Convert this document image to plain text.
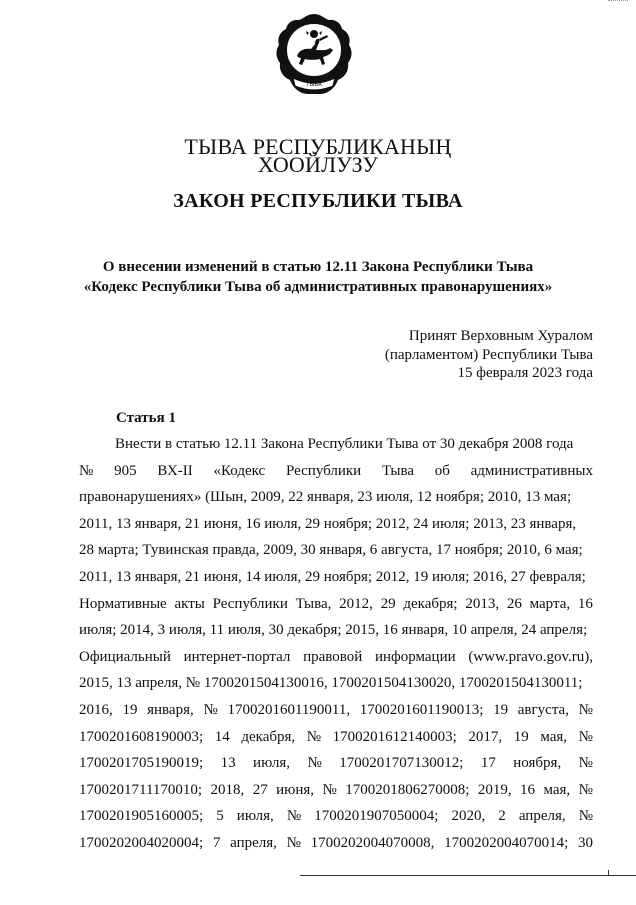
ТЫВА
ТЫВА РЕСПУБЛИКАНЫҢ
ХООЙЛУЗУ
ЗАКОН РЕСПУБЛИКИ ТЫВА
О внесении изменений в статью 12.11 Закона Республики Тыва
«Кодекс Республики Тыва об административных правонарушениях»
Принят Верховным Хуралом
(парламентом) Республики Тыва
15 февраля 2023 года
Статья 1
Внести в статью 12.11 Закона Республики Тыва от 30 декабря 2008 года
№ 905 ВХ-II «Кодекс Республики Тыва об административных
правонарушениях» (Шын, 2009, 22 января, 23 июля, 12 ноября; 2010, 13 мая;
2011, 13 января, 21 июня, 16 июля, 29 ноября; 2012, 24 июля; 2013, 23 января,
28 марта; Тувинская правда, 2009, 30 января, 6 августа, 17 ноября; 2010, 6 мая;
2011, 13 января, 21 июня, 14 июля, 29 ноября; 2012, 19 июля; 2016, 27 февраля;
Нормативные акты Республики Тыва, 2012, 29 декабря; 2013, 26 марта, 16
июля; 2014, 3 июля, 11 июля, 30 декабря; 2015, 16 января, 10 апреля, 24 апреля;
Официальный интернет-портал правовой информации (www.pravo.gov.ru),
2015, 13 апреля, № 1700201504130016, 1700201504130020, 1700201504130011;
2016, 19 января, № 1700201601190011, 1700201601190013; 19 августа, №
1700201608190003; 14 декабря, № 1700201612140003; 2017, 19 мая, №
1700201705190019; 13 июля, № 1700201707130012; 17 ноября, №
1700201711170010; 2018, 27 июня, № 1700201806270008; 2019, 16 мая, №
1700201905160005; 5 июля, № 1700201907050004; 2020, 2 апреля, №
1700202004020004; 7 апреля, № 1700202004070008, 1700202004070014; 30
